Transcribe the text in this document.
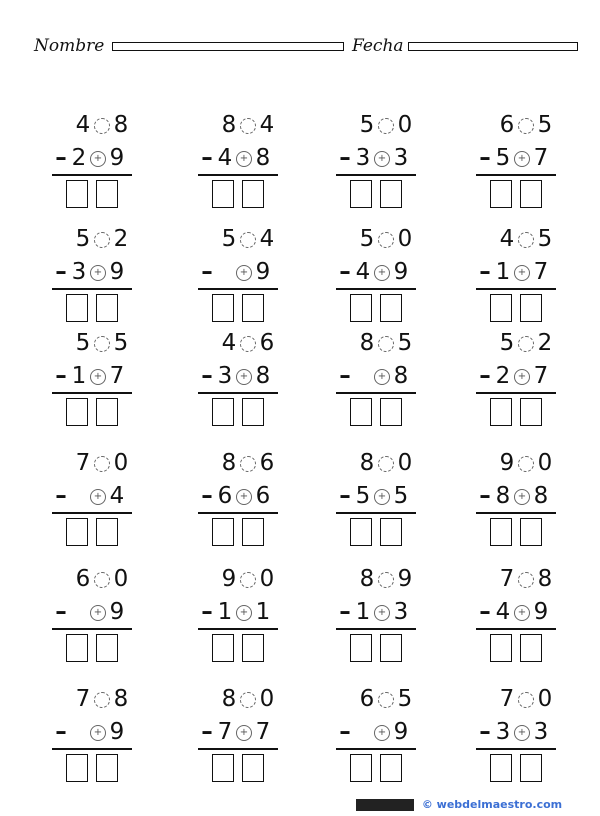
Nombre	Fecha
4 8
– 2 + 9
8 4
– 4 + 8
5 0
– 3 + 3
6 5
– 5 + 7
5 2
– 3 + 9
5 4
–	+ 9
5 0
– 4 + 9
4 5
– 1 + 7
5 5
– 1 + 7
4 6
– 3 + 8
8 5
–	+ 8
5 2
– 2 + 7
7 0
–	+ 4
8 6
– 6 + 6
8 0
– 5 + 5
9 0
– 8 + 8
6 0
–	+ 9
9 0
– 1 + 1
8 9
– 1 + 3
7 8
– 4 + 9
7 8
–	+ 9
8 0
– 7 + 7
6 5
–	+ 9
7 0
– 3 + 3
© webdelmaestro.com
